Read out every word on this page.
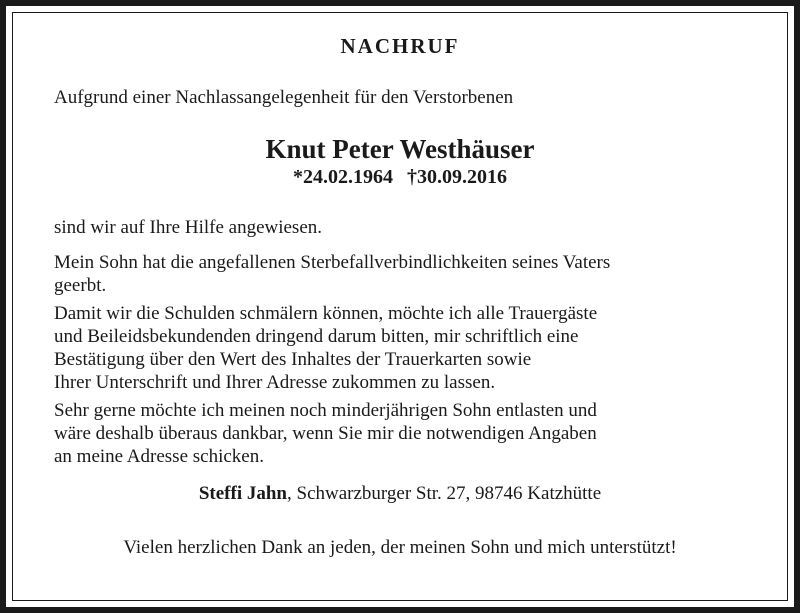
NACHRUF

Aufgrund einer Nachlassangelegenheit für den Verstorbenen

Knut Peter Westhäuser

*24.02.1964 †30.09.2016

sind wir auf Ihre Hilfe angewiesen.

Mein Sohn hat die angefallenen Sterbefallverbindlichkeiten seines Vaters
geerbt.
Damit wir die Schulden schmälern können, möchte ich alle Trauergäste
und Beileidsbekundenden dringend darum bitten, mir schriftlich eine
Bestätigung über den Wert des Inhaltes der Trauerkarten sowie
Ihrer Unterschrift und Ihrer Adresse zukommen zu lassen.
Sehr gerne möchte ich meinen noch minderjährigen Sohn entlasten und
wäre deshalb überaus dankbar, wenn Sie mir die notwendigen Angaben
an meine Adresse schicken.

Steffi Jahn, Schwarzburger Str. 27, 98746 Katzhütte

Vielen herzlichen Dank an jeden, der meinen Sohn und mich unterstützt!
